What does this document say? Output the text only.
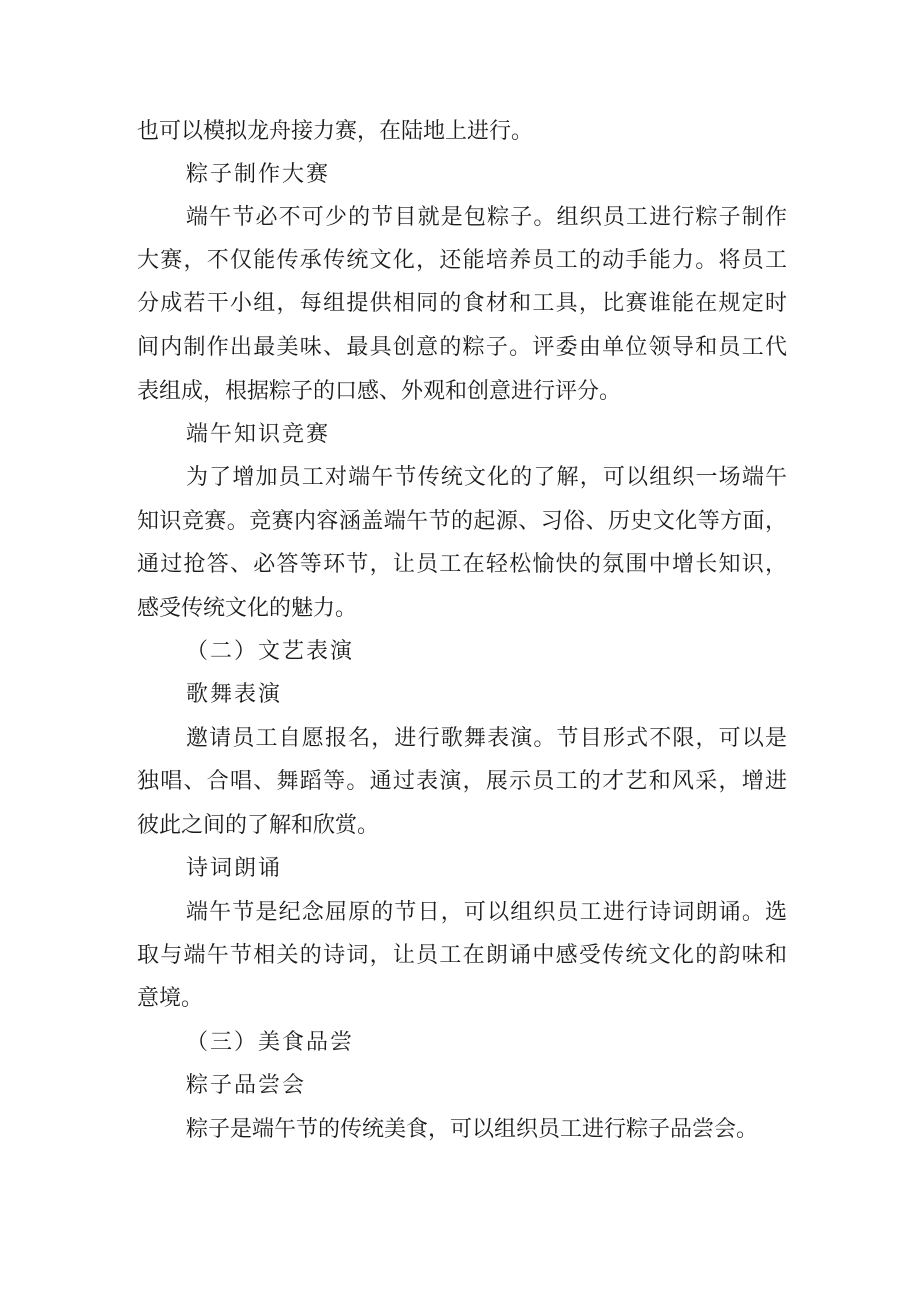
也可以模拟龙舟接力赛，在陆地上进行。
粽子制作大赛
端午节必不可少的节目就是包粽子。组织员工进行粽子制作
大赛，不仅能传承传统文化，还能培养员工的动手能力。将员工
分成若干小组，每组提供相同的食材和工具，比赛谁能在规定时
间内制作出最美味、最具创意的粽子。评委由单位领导和员工代
表组成，根据粽子的口感、外观和创意进行评分。
端午知识竞赛
为了增加员工对端午节传统文化的了解，可以组织一场端午
知识竞赛。竞赛内容涵盖端午节的起源、习俗、历史文化等方面，
通过抢答、必答等环节，让员工在轻松愉快的氛围中增长知识，
感受传统文化的魅力。
（二）文艺表演
歌舞表演
邀请员工自愿报名，进行歌舞表演。节目形式不限，可以是
独唱、合唱、舞蹈等。通过表演，展示员工的才艺和风采，增进
彼此之间的了解和欣赏。
诗词朗诵
端午节是纪念屈原的节日，可以组织员工进行诗词朗诵。选
取与端午节相关的诗词，让员工在朗诵中感受传统文化的韵味和
意境。
（三）美食品尝
粽子品尝会
粽子是端午节的传统美食，可以组织员工进行粽子品尝会。
